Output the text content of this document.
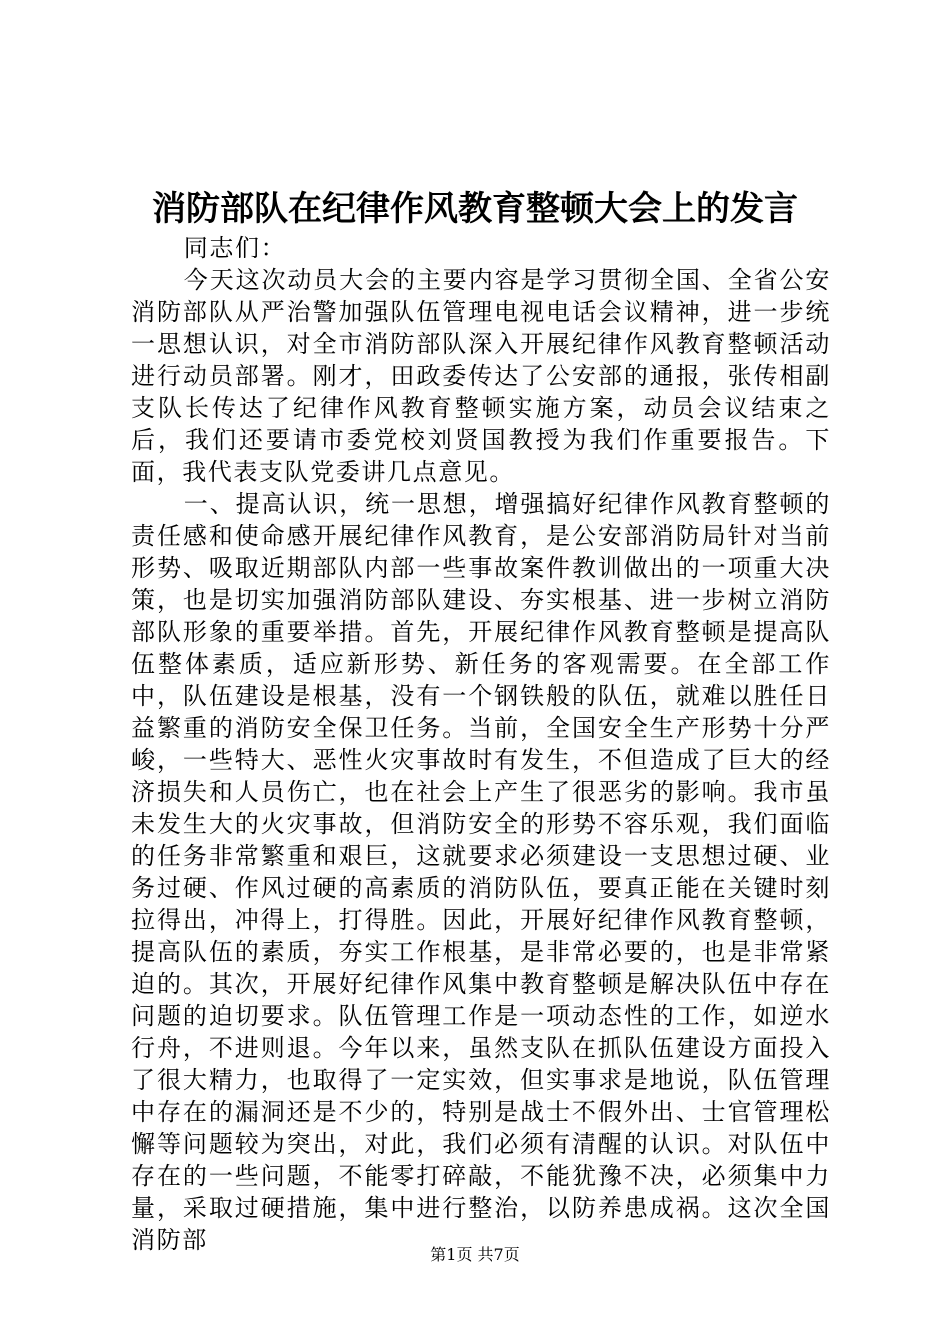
消防部队在纪律作风教育整顿大会上的发言

同志们：

今天这次动员大会的主要内容是学习贯彻全国、全省公安消防部队从严治警加强队伍管理电视电话会议精神，进一步统一思想认识，对全市消防部队深入开展纪律作风教育整顿活动进行动员部署。刚才，田政委传达了公安部的通报，张传相副支队长传达了纪律作风教育整顿实施方案，动员会议结束之后，我们还要请市委党校刘贤国教授为我们作重要报告。下面，我代表支队党委讲几点意见。

一、提高认识，统一思想，增强搞好纪律作风教育整顿的责任感和使命感开展纪律作风教育，是公安部消防局针对当前形势、吸取近期部队内部一些事故案件教训做出的一项重大决策，也是切实加强消防部队建设、夯实根基、进一步树立消防部队形象的重要举措。首先，开展纪律作风教育整顿是提高队伍整体素质，适应新形势、新任务的客观需要。在全部工作中，队伍建设是根基，没有一个钢铁般的队伍，就难以胜任日益繁重的消防安全保卫任务。当前，全国安全生产形势十分严峻，一些特大、恶性火灾事故时有发生，不但造成了巨大的经济损失和人员伤亡，也在社会上产生了很恶劣的影响。我市虽未发生大的火灾事故，但消防安全的形势不容乐观，我们面临的任务非常繁重和艰巨，这就要求必须建设一支思想过硬、业务过硬、作风过硬的高素质的消防队伍，要真正能在关键时刻拉得出，冲得上，打得胜。因此，开展好纪律作风教育整顿，提高队伍的素质，夯实工作根基，是非常必要的，也是非常紧迫的。其次，开展好纪律作风集中教育整顿是解决队伍中存在问题的迫切要求。队伍管理工作是一项动态性的工作，如逆水行舟，不进则退。今年以来，虽然支队在抓队伍建设方面投入了很大精力，也取得了一定实效，但实事求是地说，队伍管理中存在的漏洞还是不少的，特别是战士不假外出、士官管理松懈等问题较为突出，对此，我们必须有清醒的认识。对队伍中存在的一些问题，不能零打碎敲，不能犹豫不决，必须集中力量，采取过硬措施，集中进行整治，以防养患成祸。这次全国消防部

第1页 共7页
